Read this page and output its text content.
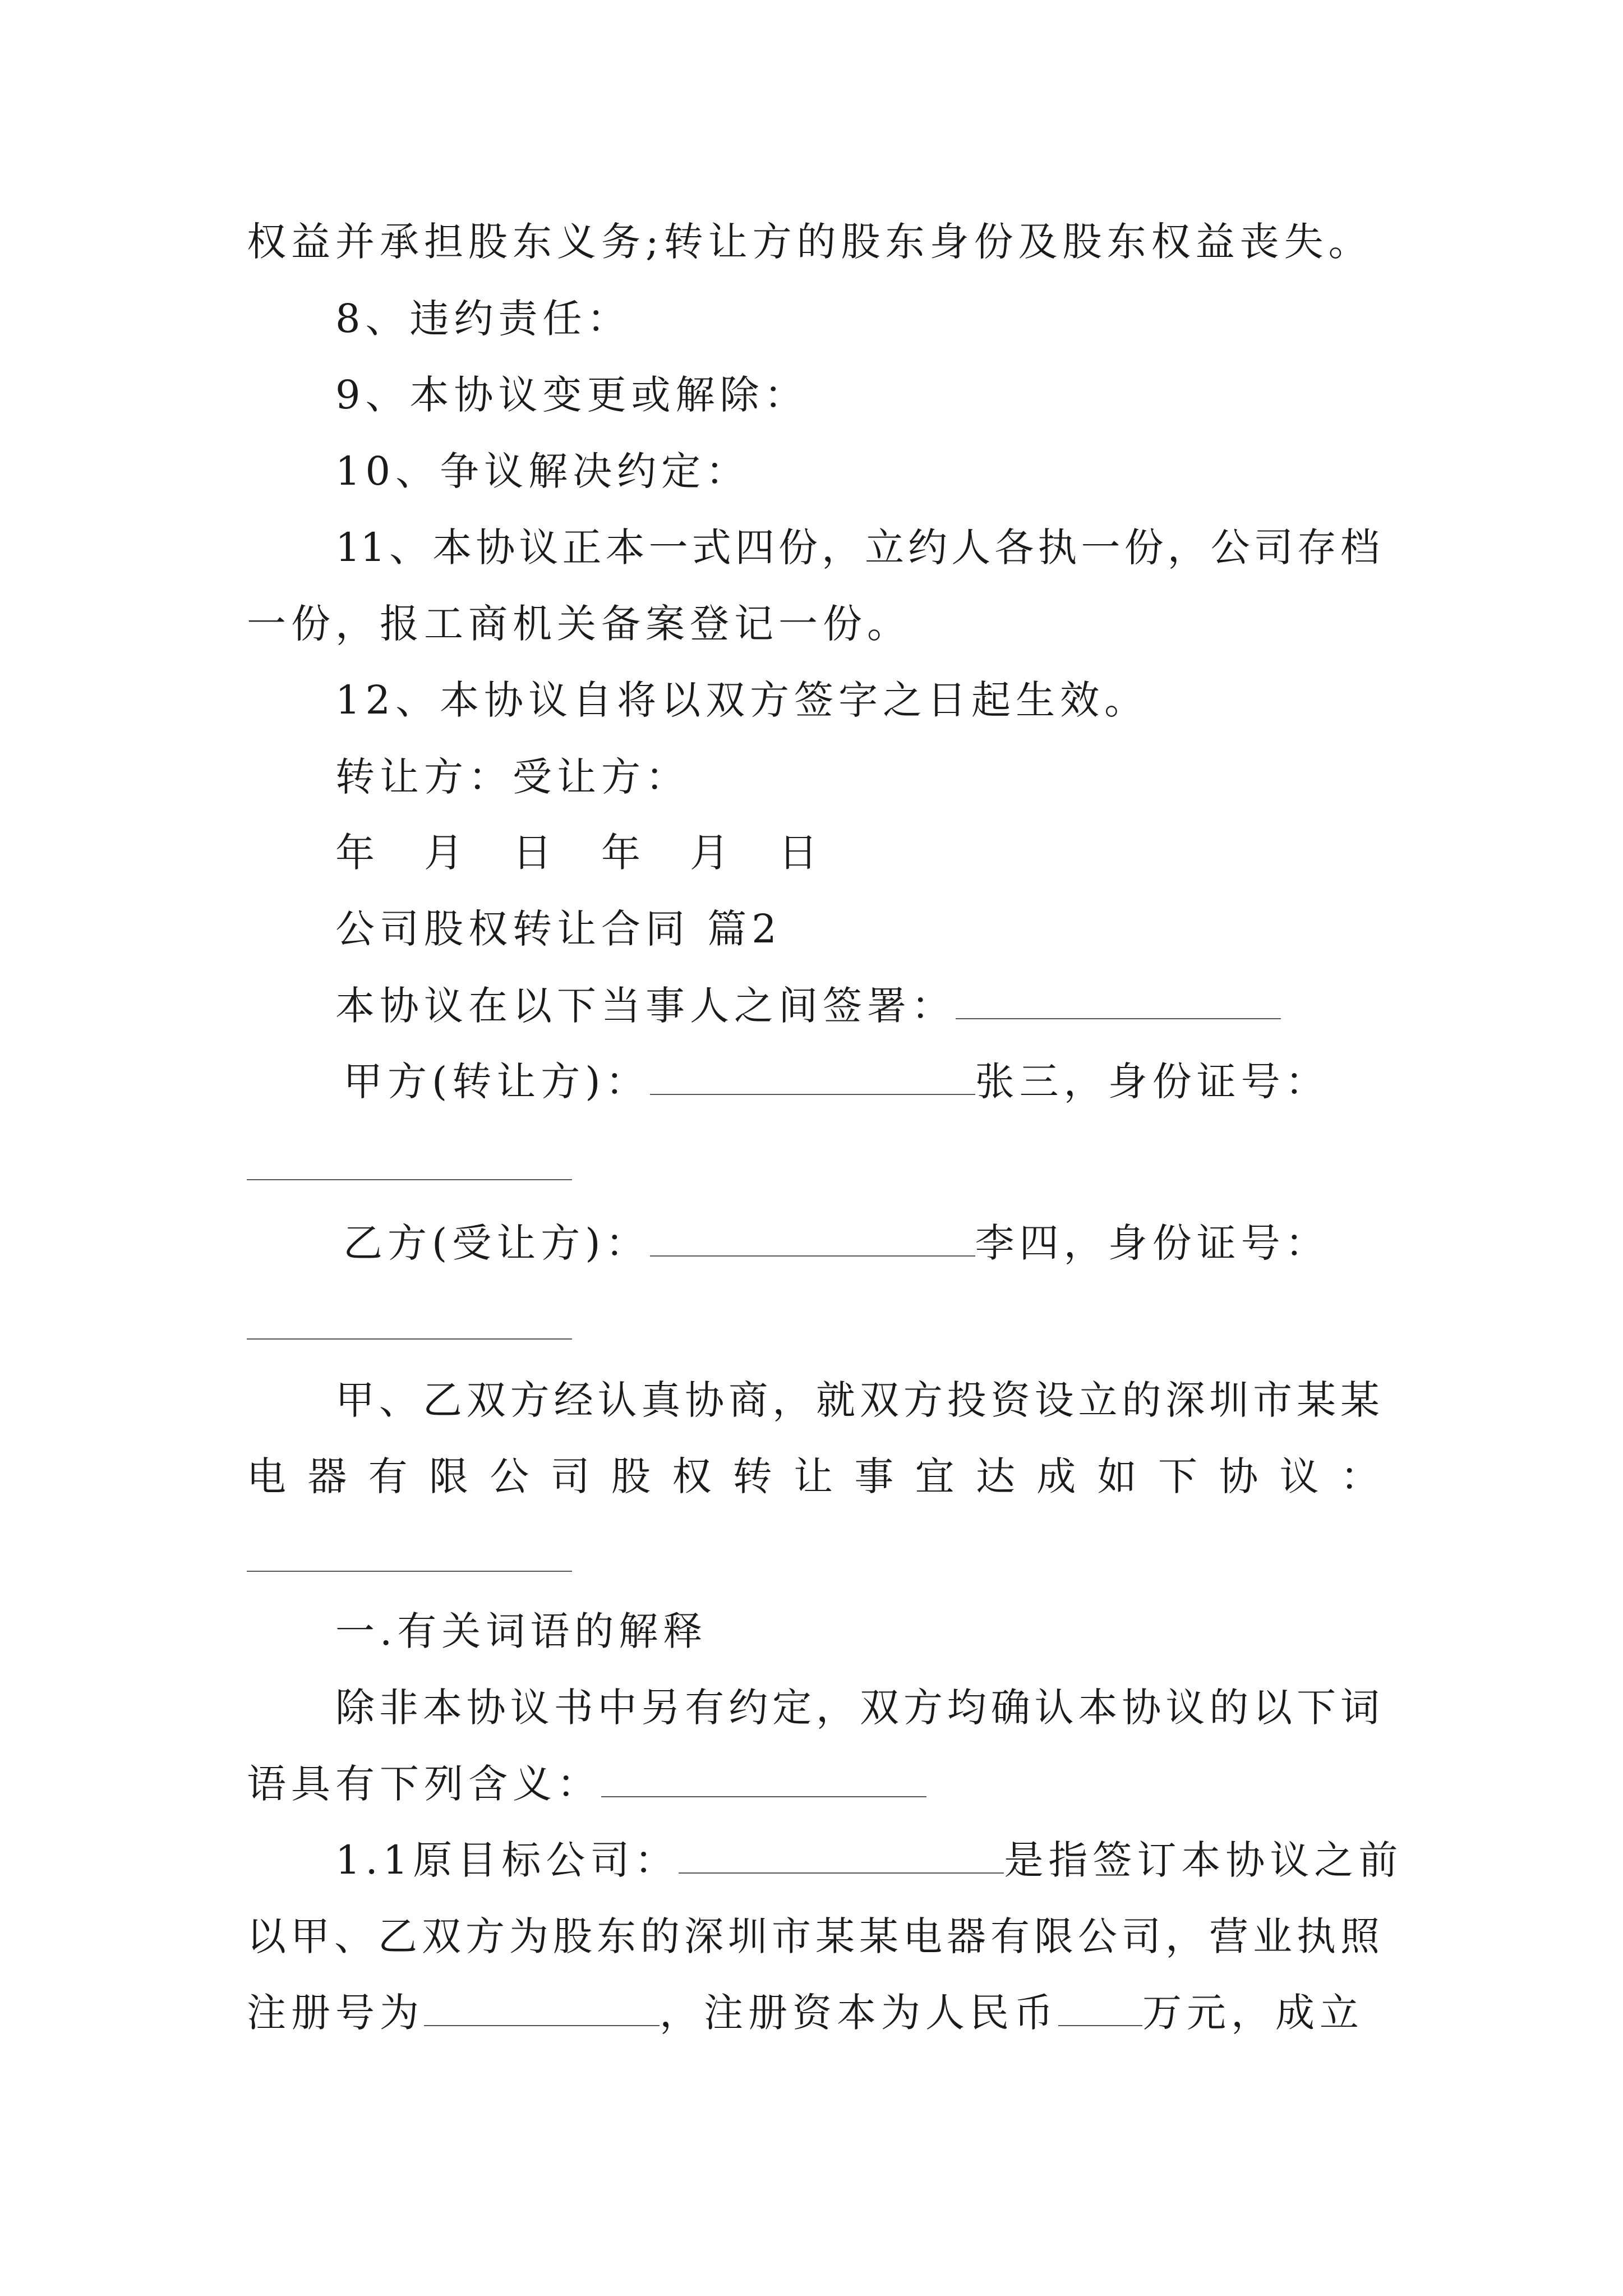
权益并承担股东义务;转让方的股东身份及股东权益丧失。
8、违约责任：
9、本协议变更或解除：
10、争议解决约定：
11、本协议正本一式四份，立约人各执一份，公司存档
一份，报工商机关备案登记一份。
12、本协议自将以双方签字之日起生效。
转让方：受让方：
年　月　日　年　月　日
公司股权转让合同 篇2
本协议在以下当事人之间签署：
甲方(转让方)：	张三，身份证号：
乙方(受让方)：	李四，身份证号：
甲、乙双方经认真协商，就双方投资设立的深圳市某某
电器有限公司股权转让事宜达成如下协议：
一.有关词语的解释
除非本协议书中另有约定，双方均确认本协议的以下词
语具有下列含义：
1.1原目标公司：	是指签订本协议之前
以甲、乙双方为股东的深圳市某某电器有限公司，营业执照
注册号为	，注册资本为人民币 万元，成立
